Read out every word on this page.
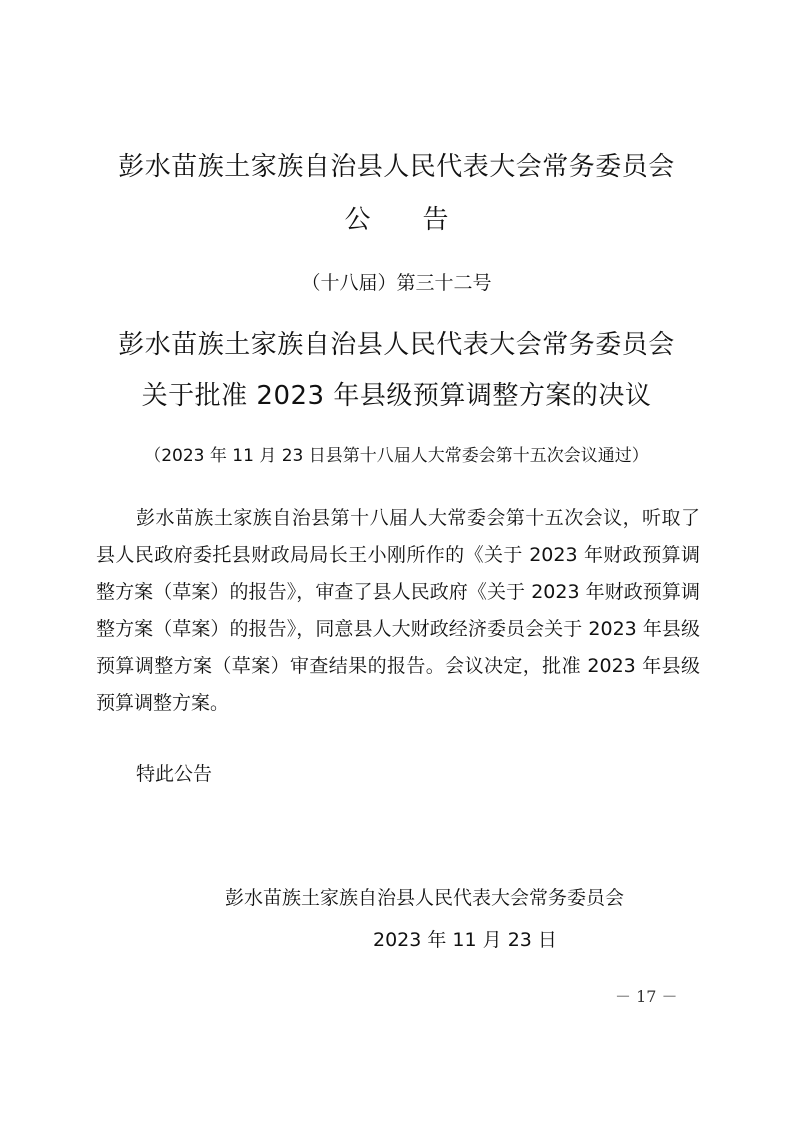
彭水苗族土家族自治县人民代表大会常务委员会
公 告
（十八届）第三十二号
彭水苗族土家族自治县人民代表大会常务委员会
关于批准 2023 年县级预算调整方案的决议
（2023 年 11 月 23 日县第十八届人大常委会第十五次会议通过）

彭水苗族土家族自治县第十八届人大常委会第十五次会议，听取了县人民政府委托县财政局局长王小刚所作的《关于 2023 年财政预算调整方案（草案）的报告》，审查了县人民政府《关于 2023 年财政预算调整方案（草案）的报告》，同意县人大财政经济委员会关于 2023 年县级预算调整方案（草案）审查结果的报告。会议决定，批准 2023 年县级预算调整方案。

特此公告
彭水苗族土家族自治县人民代表大会常务委员会
2023 年 11 月 23 日
－ 17 －
